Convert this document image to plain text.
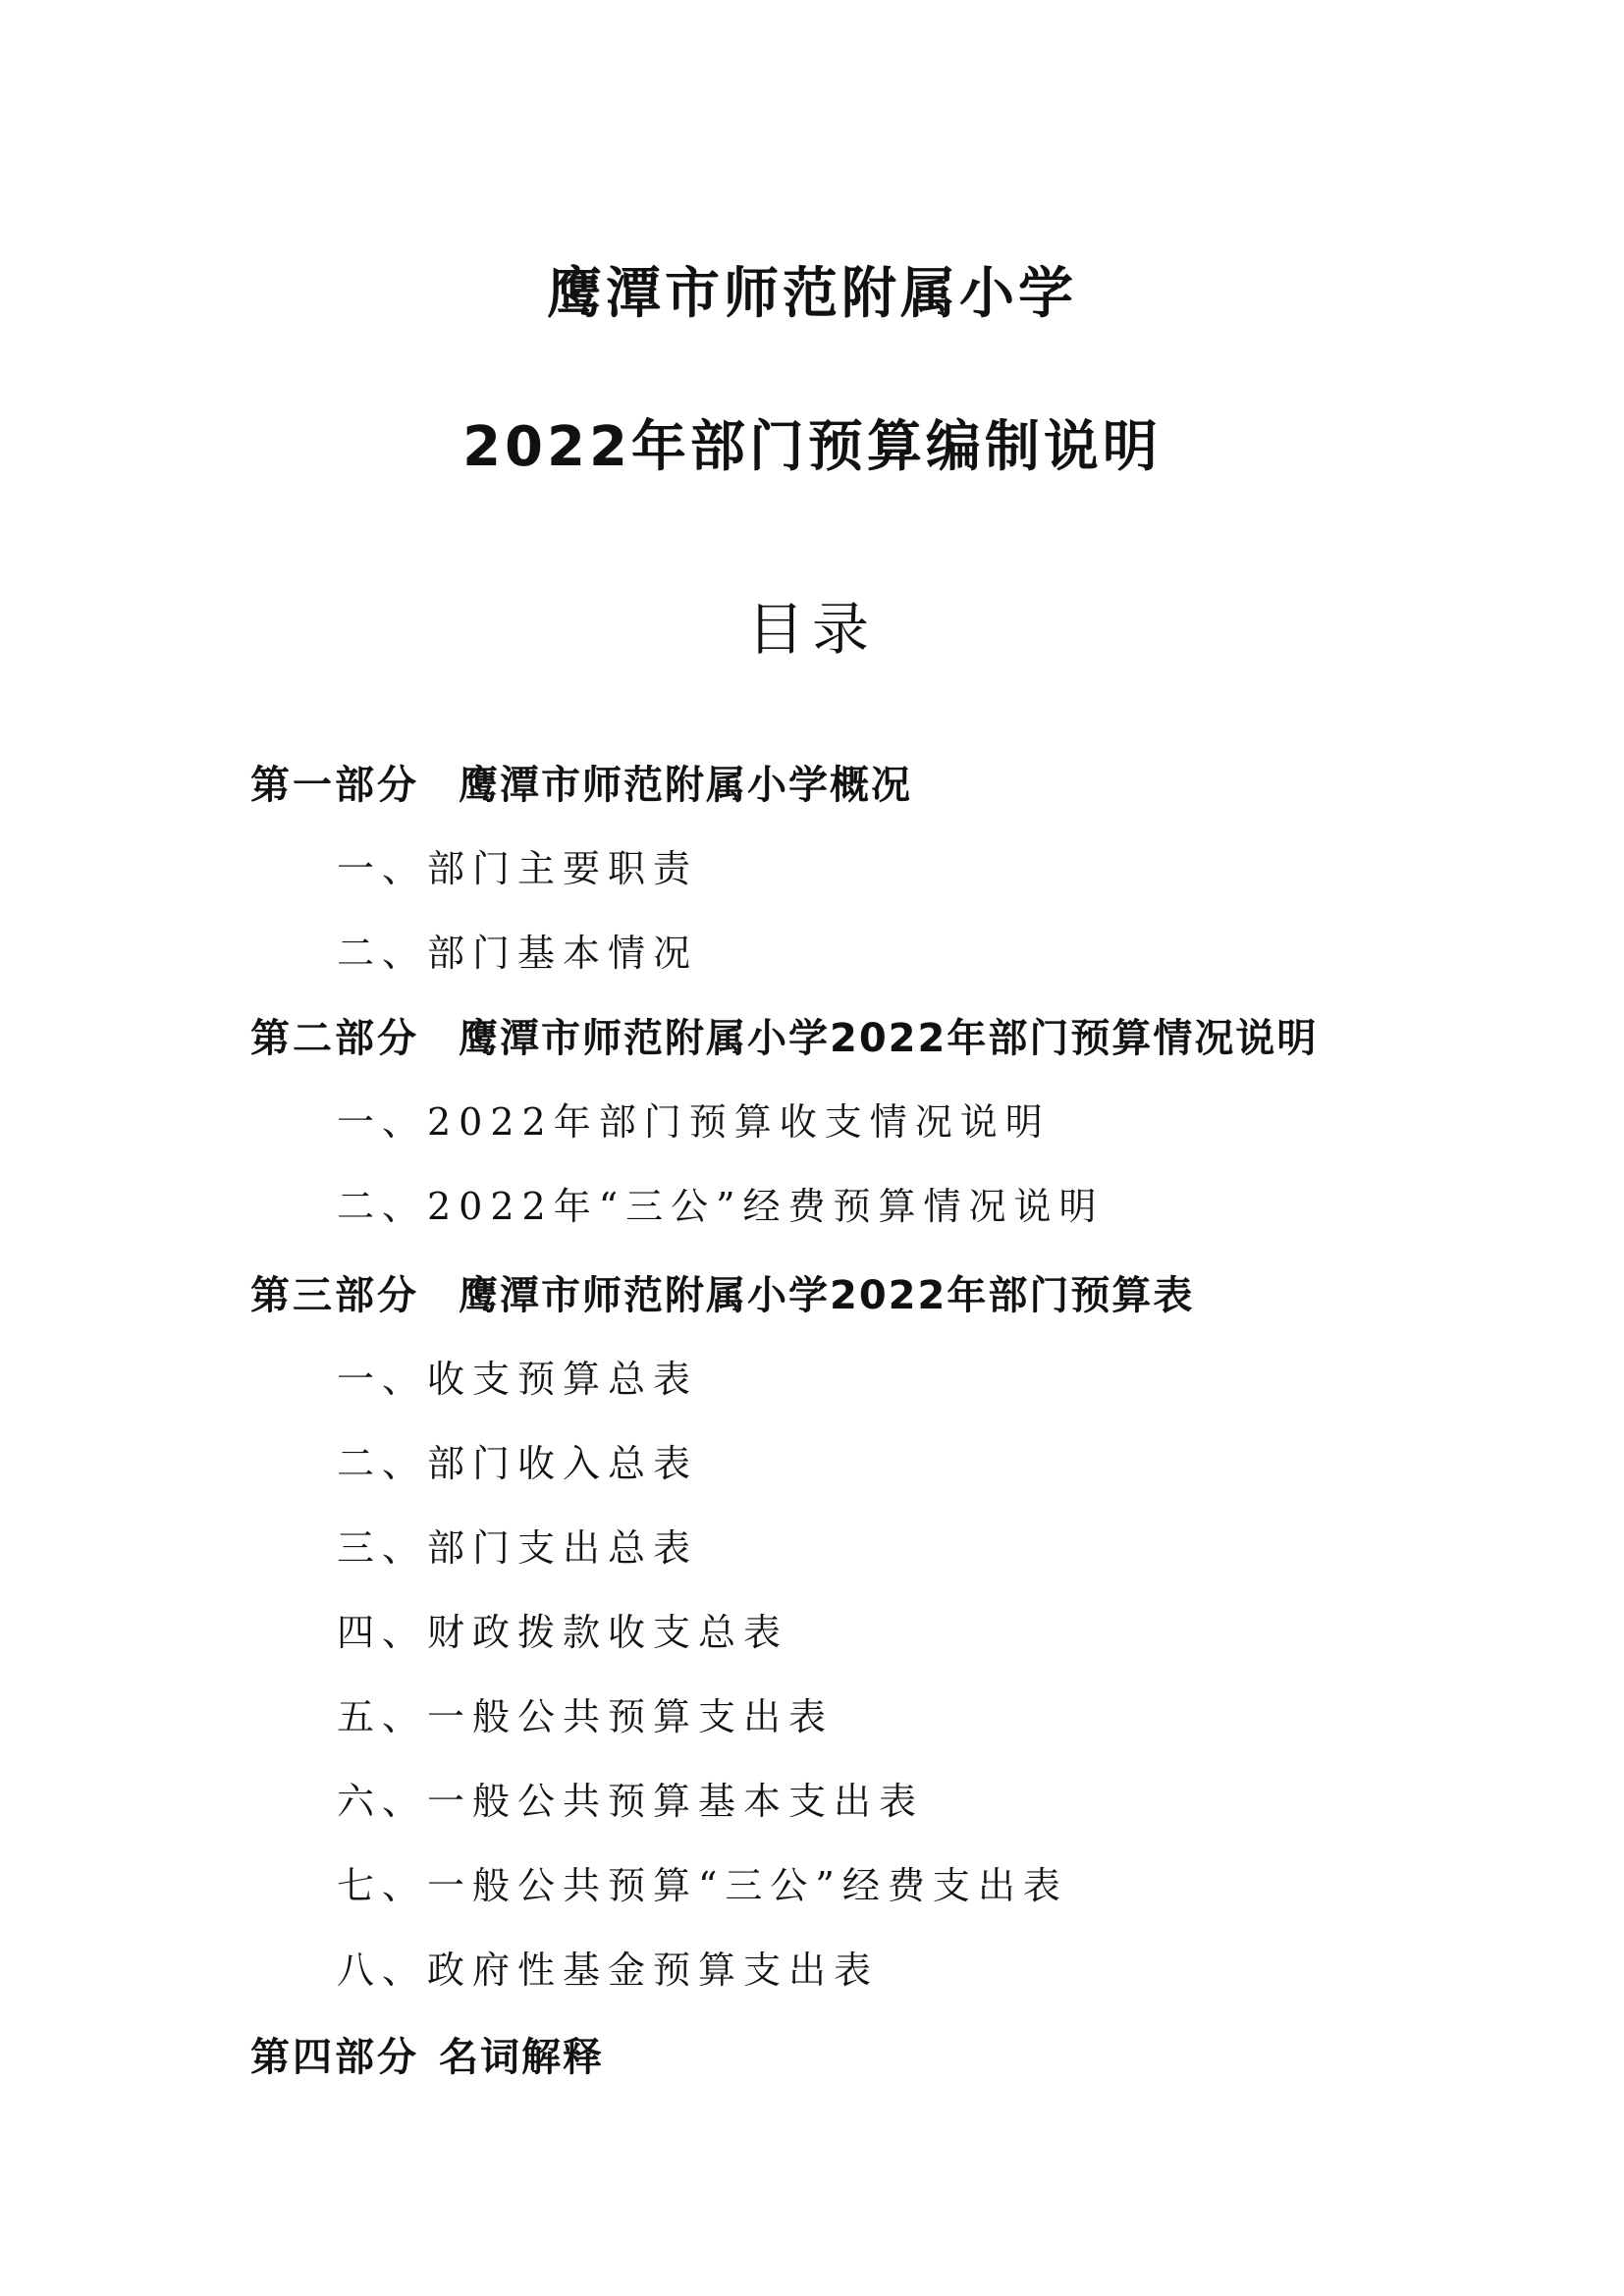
鹰潭市师范附属小学
2022年部门预算编制说明
目录
第一部分 鹰潭市师范附属小学概况
一、部门主要职责
二、部门基本情况
第二部分 鹰潭市师范附属小学2022年部门预算情况说明
一、2022年部门预算收支情况说明
二、2022年“三公”经费预算情况说明
第三部分 鹰潭市师范附属小学2022年部门预算表
一、收支预算总表
二、部门收入总表
三、部门支出总表
四、财政拨款收支总表
五、一般公共预算支出表
六、一般公共预算基本支出表
七、一般公共预算“三公”经费支出表
八、政府性基金预算支出表
第四部分 名词解释
